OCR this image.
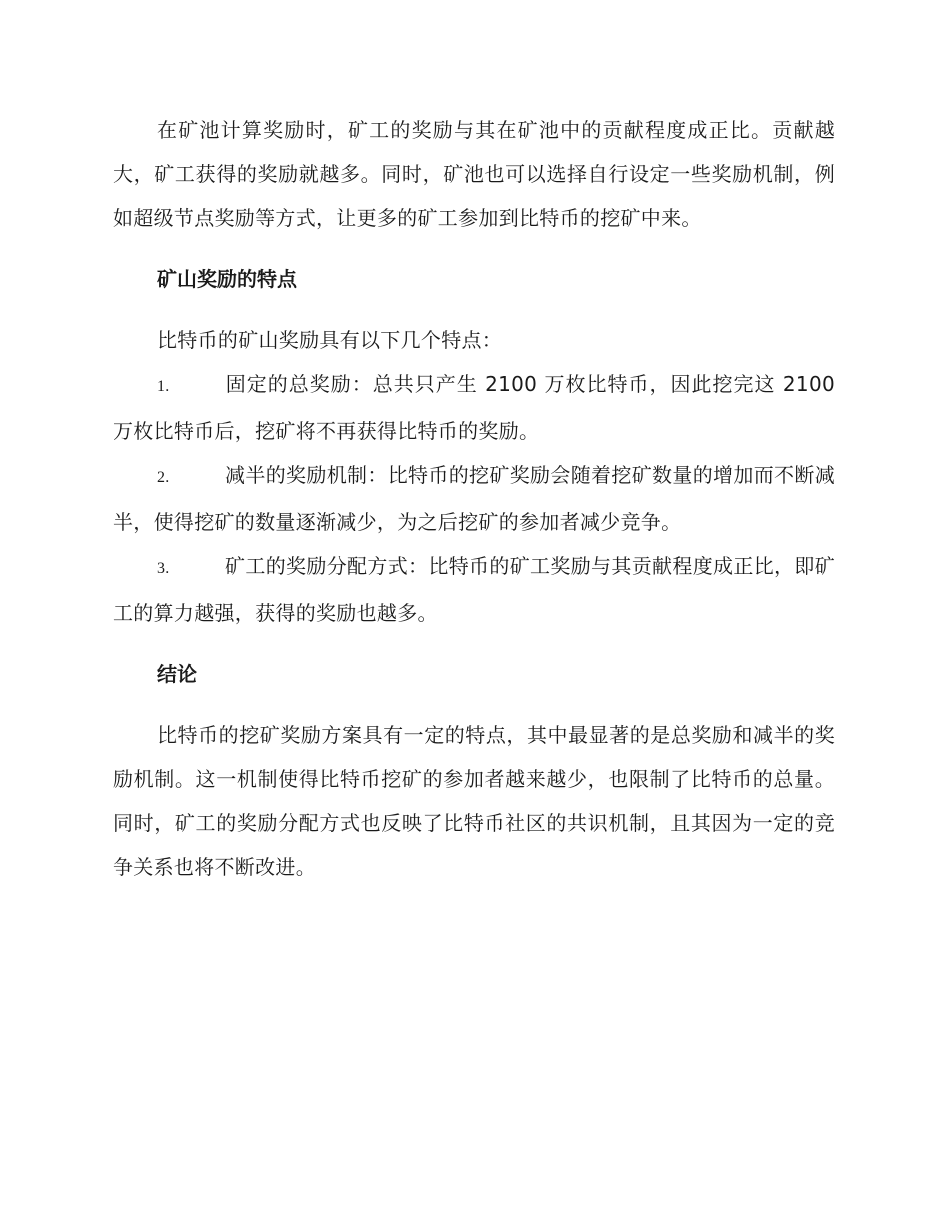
在矿池计算奖励时，矿工的奖励与其在矿池中的贡献程度成正比。贡献越大，矿工获得的奖励就越多。同时，矿池也可以选择自行设定一些奖励机制，例如超级节点奖励等方式，让更多的矿工参加到比特币的挖矿中来。

矿山奖励的特点

比特币的矿山奖励具有以下几个特点：

1.	固定的总奖励：总共只产生 2100 万枚比特币，因此挖完这 2100 万枚比特币后，挖矿将不再获得比特币的奖励。

2.	减半的奖励机制：比特币的挖矿奖励会随着挖矿数量的增加而不断减半，使得挖矿的数量逐渐减少，为之后挖矿的参加者减少竞争。

3.	矿工的奖励分配方式：比特币的矿工奖励与其贡献程度成正比，即矿工的算力越强，获得的奖励也越多。

结论

比特币的挖矿奖励方案具有一定的特点，其中最显著的是总奖励和减半的奖励机制。这一机制使得比特币挖矿的参加者越来越少，也限制了比特币的总量。同时，矿工的奖励分配方式也反映了比特币社区的共识机制，且其因为一定的竞争关系也将不断改进。
